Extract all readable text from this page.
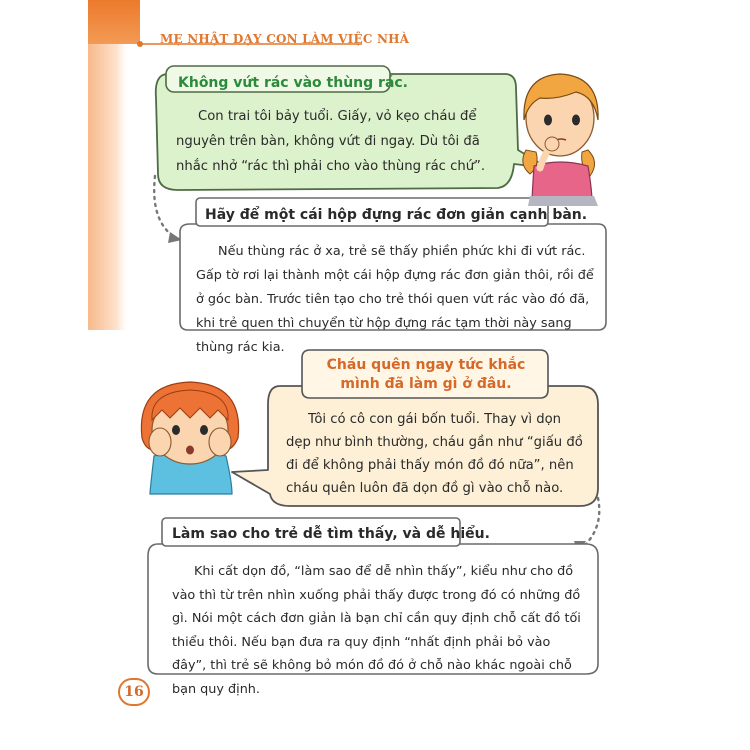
MẸ NHẬT DẠY CON LÀM VIỆC NHÀ
Không vứt rác vào thùng rác.

Con trai tôi bảy tuổi. Giấy, vỏ kẹo cháu để nguyên trên bàn, không vứt đi ngay. Dù tôi đã nhắc nhở “rác thì phải cho vào thùng rác chứ”.

Hãy để một cái hộp đựng rác đơn giản cạnh bàn.

Nếu thùng rác ở xa, trẻ sẽ thấy phiền phức khi đi vứt rác. Gấp tờ rơi lại thành một cái hộp đựng rác đơn giản thôi, rồi để ở góc bàn. Trước tiên tạo cho trẻ thói quen vứt rác vào đó đã, khi trẻ quen thì chuyển từ hộp đựng rác tạm thời này sang thùng rác kia.

Cháu quên ngay tức khắc mình đã làm gì ở đâu.

Tôi có cô con gái bốn tuổi. Thay vì dọn dẹp như bình thường, cháu gần như “giấu đồ đi để không phải thấy món đồ đó nữa”, nên cháu quên luôn đã dọn đồ gì vào chỗ nào.

Làm sao cho trẻ dễ tìm thấy, và dễ hiểu.

Khi cất dọn đồ, “làm sao để dễ nhìn thấy”, kiểu như cho đồ vào thì từ trên nhìn xuống phải thấy được trong đó có những đồ gì. Nói một cách đơn giản là bạn chỉ cần quy định chỗ cất đồ tối thiểu thôi. Nếu bạn đưa ra quy định “nhất định phải bỏ vào đây”, thì trẻ sẽ không bỏ món đồ đó ở chỗ nào khác ngoài chỗ bạn quy định.

16
